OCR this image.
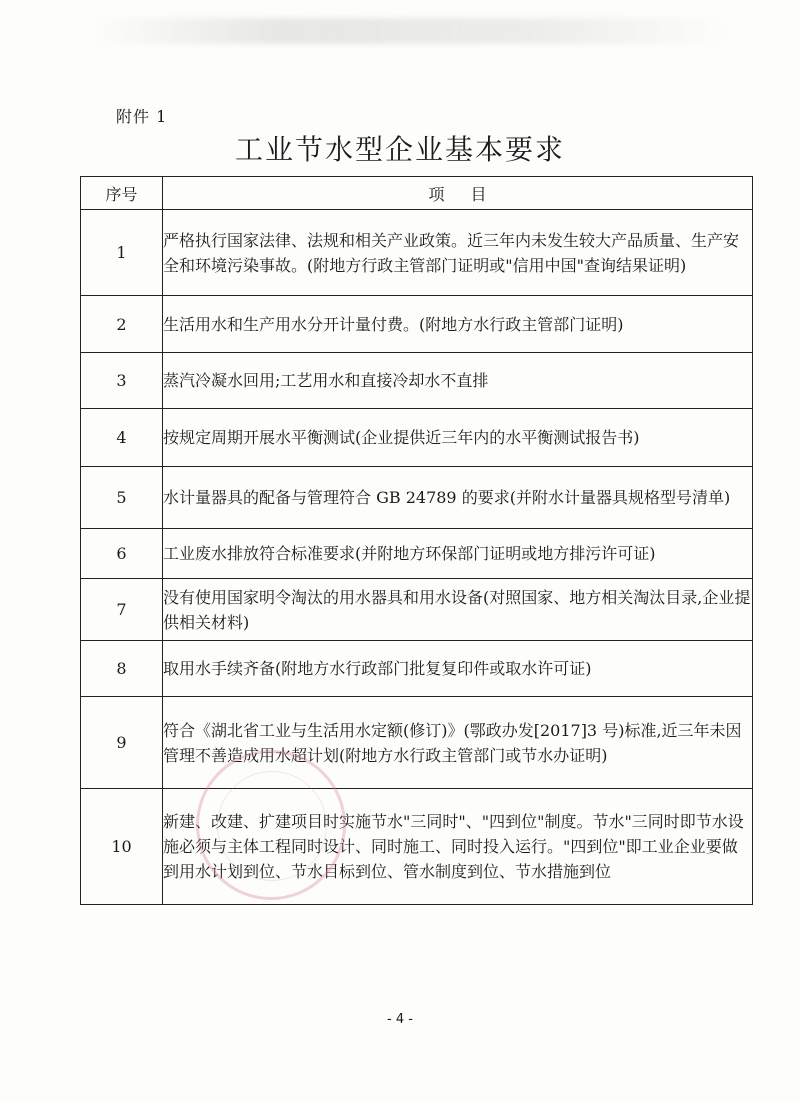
附件 1
工业节水型企业基本要求
序号	项目
1	严格执行国家法律、法规和相关产业政策。近三年内未发生较大产品质量、生产安全和环境污染事故。(附地方行政主管部门证明或"信用中国"查询结果证明)
2	生活用水和生产用水分开计量付费。(附地方水行政主管部门证明)
3	蒸汽冷凝水回用;工艺用水和直接冷却水不直排
4	按规定周期开展水平衡测试(企业提供近三年内的水平衡测试报告书)
5	水计量器具的配备与管理符合 GB 24789 的要求(并附水计量器具规格型号清单)
6	工业废水排放符合标准要求(并附地方环保部门证明或地方排污许可证)
7	没有使用国家明令淘汰的用水器具和用水设备(对照国家、地方相关淘汰目录,企业提供相关材料)
8	取用水手续齐备(附地方水行政部门批复复印件或取水许可证)
9	符合《湖北省工业与生活用水定额(修订)》(鄂政办发[2017]3 号)标准,近三年未因管理不善造成用水超计划(附地方水行政主管部门或节水办证明)
10	新建、改建、扩建项目时实施节水"三同时"、"四到位"制度。节水"三同时即节水设施必须与主体工程同时设计、同时施工、同时投入运行。"四到位"即工业企业要做到用水计划到位、节水目标到位、管水制度到位、节水措施到位
- 4 -
